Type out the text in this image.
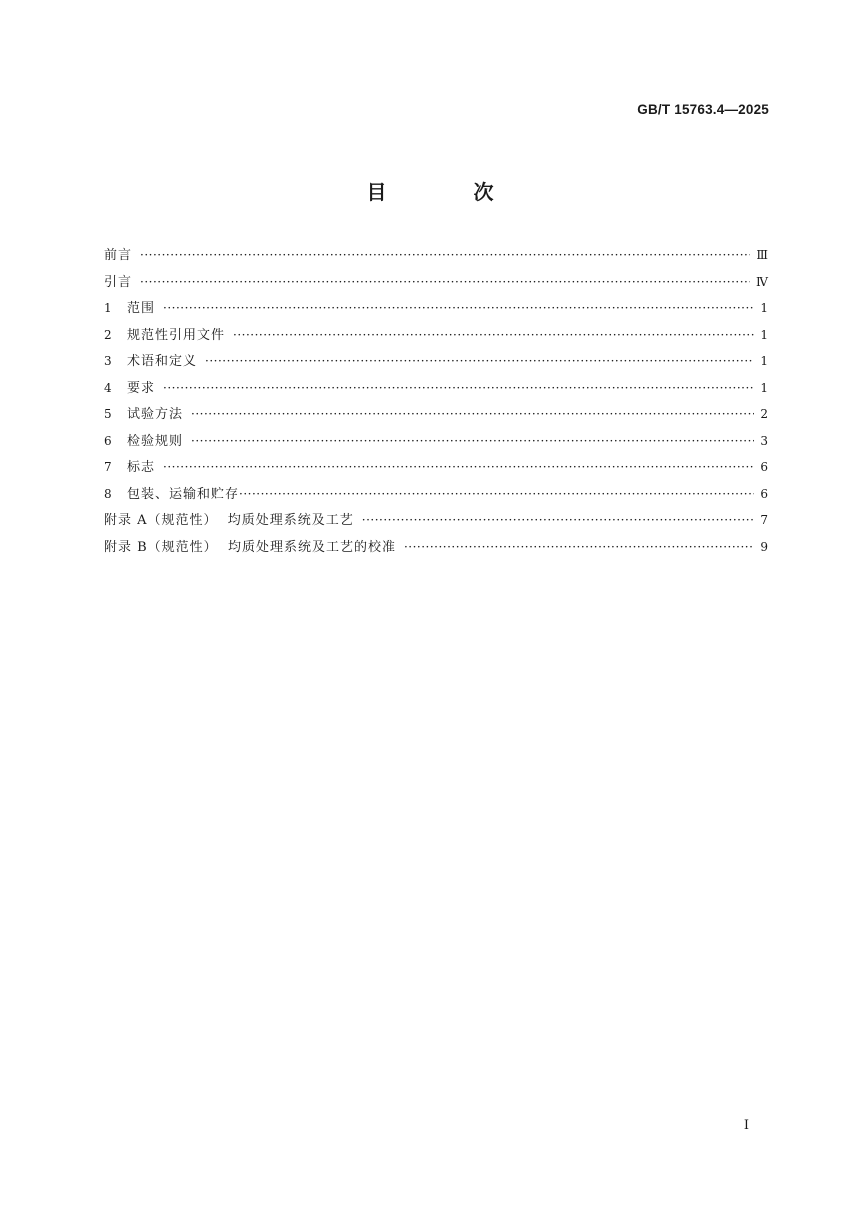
GB/T 15763.4—2025
目 次
前言 ·····	Ⅲ
引言 ·····	Ⅳ
1	范围 ·····	1
2	规范性引用文件 ·····	1
3	术语和定义 ·····	1
4	要求 ·····	1
5	试验方法 ·····	2
6	检验规则 ·····	3
7	标志 ·····	6
8	包装、运输和贮存 ·····	6
附录 A（规范性）  均质处理系统及工艺 ·····	7
附录 B（规范性）  均质处理系统及工艺的校准 ·····	9
Ⅰ
